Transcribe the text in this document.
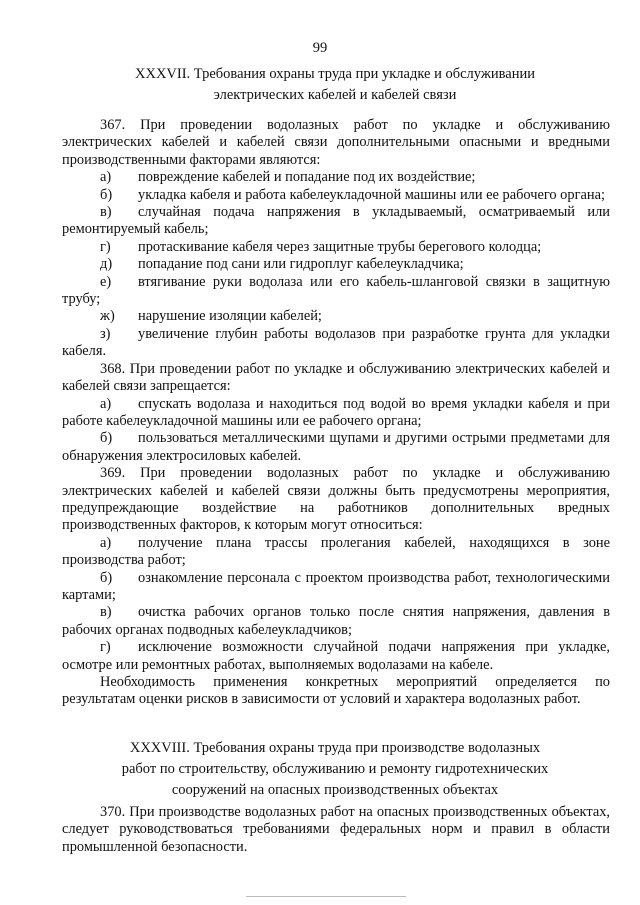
99
XXXVII. Требования охраны труда при укладке и обслуживании
электрических кабелей и кабелей связи

367. При проведении водолазных работ по укладке и обслуживанию электрических кабелей и кабелей связи дополнительными опасными и вредными производственными факторами являются:

а) повреждение кабелей и попадание под их воздействие;

б) укладка кабеля и работа кабелеукладочной машины или ее рабочего органа;

в) случайная подача напряжения в укладываемый, осматриваемый или ремонтируемый кабель;

г) протаскивание кабеля через защитные трубы берегового колодца;

д) попадание под сани или гидроплуг кабелеукладчика;

е) втягивание руки водолаза или его кабель-шланговой связки в защитную трубу;

ж) нарушение изоляции кабелей;

з) увеличение глубин работы водолазов при разработке грунта для укладки кабеля.

368. При проведении работ по укладке и обслуживанию электрических кабелей и кабелей связи запрещается:

а) спускать водолаза и находиться под водой во время укладки кабеля и при работе кабелеукладочной машины или ее рабочего органа;

б) пользоваться металлическими щупами и другими острыми предметами для обнаружения электросиловых кабелей.

369. При проведении водолазных работ по укладке и обслуживанию электрических кабелей и кабелей связи должны быть предусмотрены мероприятия, предупреждающие воздействие на работников дополнительных вредных производственных факторов, к которым могут относиться:

а) получение плана трассы пролегания кабелей, находящихся в зоне производства работ;

б) ознакомление персонала с проектом производства работ, технологическими картами;

в) очистка рабочих органов только после снятия напряжения, давления в рабочих органах подводных кабелеукладчиков;

г) исключение возможности случайной подачи напряжения при укладке, осмотре или ремонтных работах, выполняемых водолазами на кабеле.

Необходимость применения конкретных мероприятий определяется по результатам оценки рисков в зависимости от условий и характера водолазных работ.

XXXVIII. Требования охраны труда при производстве водолазных
работ по строительству, обслуживанию и ремонту гидротехнических
сооружений на опасных производственных объектах

370. При производстве водолазных работ на опасных производственных объектах, следует руководствоваться требованиями федеральных норм и правил в области промышленной безопасности.
